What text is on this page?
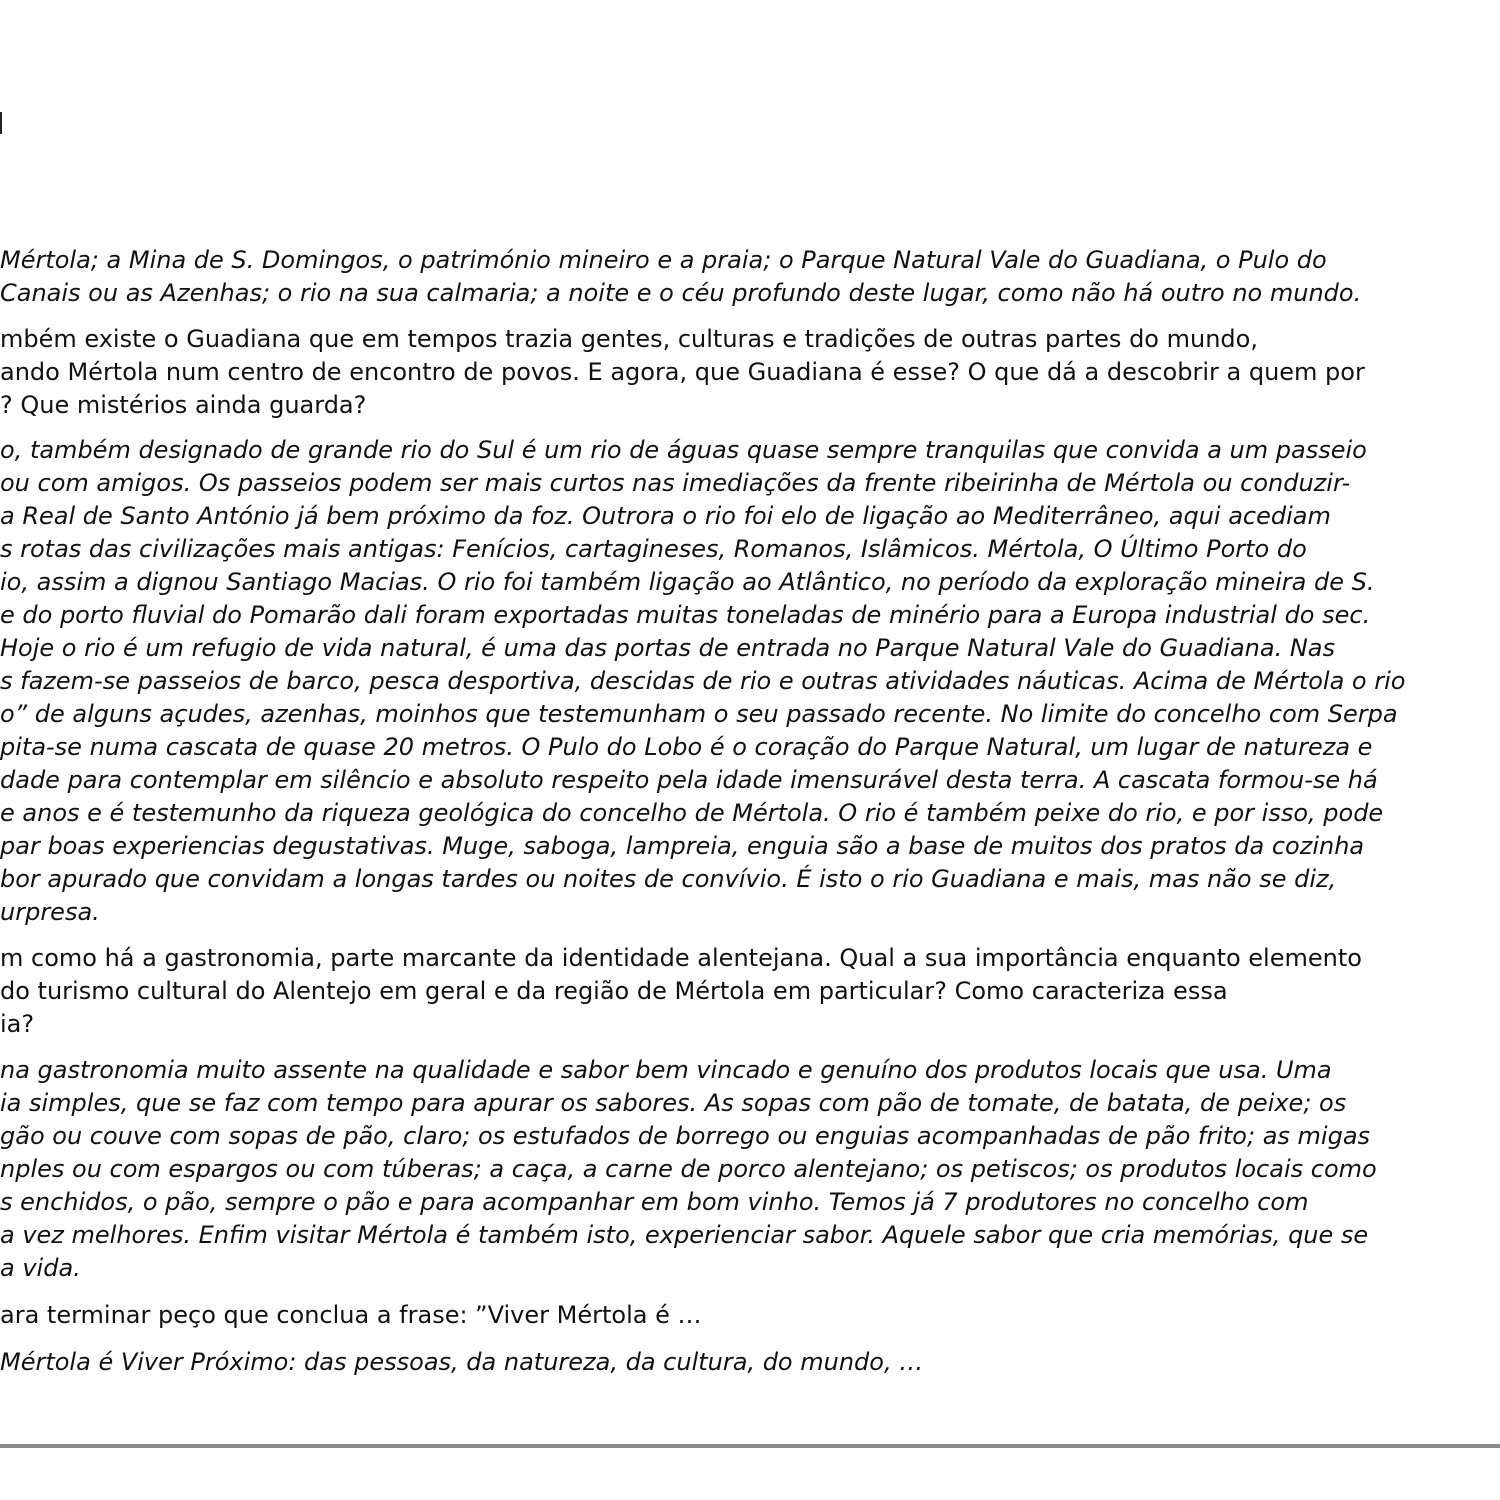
Mértola; a Mina de S. Domingos, o património mineiro e a praia; o Parque Natural Vale do Guadiana, o Pulo do
Canais ou as Azenhas; o rio na sua calmaria; a noite e o céu profundo deste lugar, como não há outro no mundo.

mbém existe o Guadiana que em tempos trazia gentes, culturas e tradições de outras partes do mundo,
ando Mértola num centro de encontro de povos. E agora, que Guadiana é esse? O que dá a descobrir a quem por
? Que mistérios ainda guarda?

o, também designado de grande rio do Sul é um rio de águas quase sempre tranquilas que convida a um passeio
ou com amigos. Os passeios podem ser mais curtos nas imediações da frente ribeirinha de Mértola ou conduzir-
a Real de Santo António já bem próximo da foz. Outrora o rio foi elo de ligação ao Mediterrâneo, aqui acediam
s rotas das civilizações mais antigas: Fenícios, cartagineses, Romanos, Islâmicos. Mértola, O Último Porto do
io, assim a dignou Santiago Macias. O rio foi também ligação ao Atlântico, no período da exploração mineira de S.
e do porto fluvial do Pomarão dali foram exportadas muitas toneladas de minério para a Europa industrial do sec.
Hoje o rio é um refugio de vida natural, é uma das portas de entrada no Parque Natural Vale do Guadiana. Nas
s fazem-se passeios de barco, pesca desportiva, descidas de rio e outras atividades náuticas. Acima de Mértola o rio
o” de alguns açudes, azenhas, moinhos que testemunham o seu passado recente. No limite do concelho com Serpa
pita-se numa cascata de quase 20 metros. O Pulo do Lobo é o coração do Parque Natural, um lugar de natureza e
dade para contemplar em silêncio e absoluto respeito pela idade imensurável desta terra. A cascata formou-se há
e anos e é testemunho da riqueza geológica do concelho de Mértola. O rio é também peixe do rio, e por isso, pode
par boas experiencias degustativas. Muge, saboga, lampreia, enguia são a base de muitos dos pratos da cozinha
bor apurado que convidam a longas tardes ou noites de convívio. É isto o rio Guadiana e mais, mas não se diz,
urpresa.

m como há a gastronomia, parte marcante da identidade alentejana. Qual a sua importância enquanto elemento
do turismo cultural do Alentejo em geral e da região de Mértola em particular? Como caracteriza essa
ia?

na gastronomia muito assente na qualidade e sabor bem vincado e genuíno dos produtos locais que usa. Uma
ia simples, que se faz com tempo para apurar os sabores. As sopas com pão de tomate, de batata, de peixe; os
gão ou couve com sopas de pão, claro; os estufados de borrego ou enguias acompanhadas de pão frito; as migas
nples ou com espargos ou com túberas; a caça, a carne de porco alentejano; os petiscos; os produtos locais como
s enchidos, o pão, sempre o pão e para acompanhar em bom vinho. Temos já 7 produtores no concelho com
a vez melhores. Enfim visitar Mértola é também isto, experienciar sabor. Aquele sabor que cria memórias, que se
a vida.

ara terminar peço que conclua a frase: ”Viver Mértola é …

Mértola é Viver Próximo: das pessoas, da natureza, da cultura, do mundo, …
